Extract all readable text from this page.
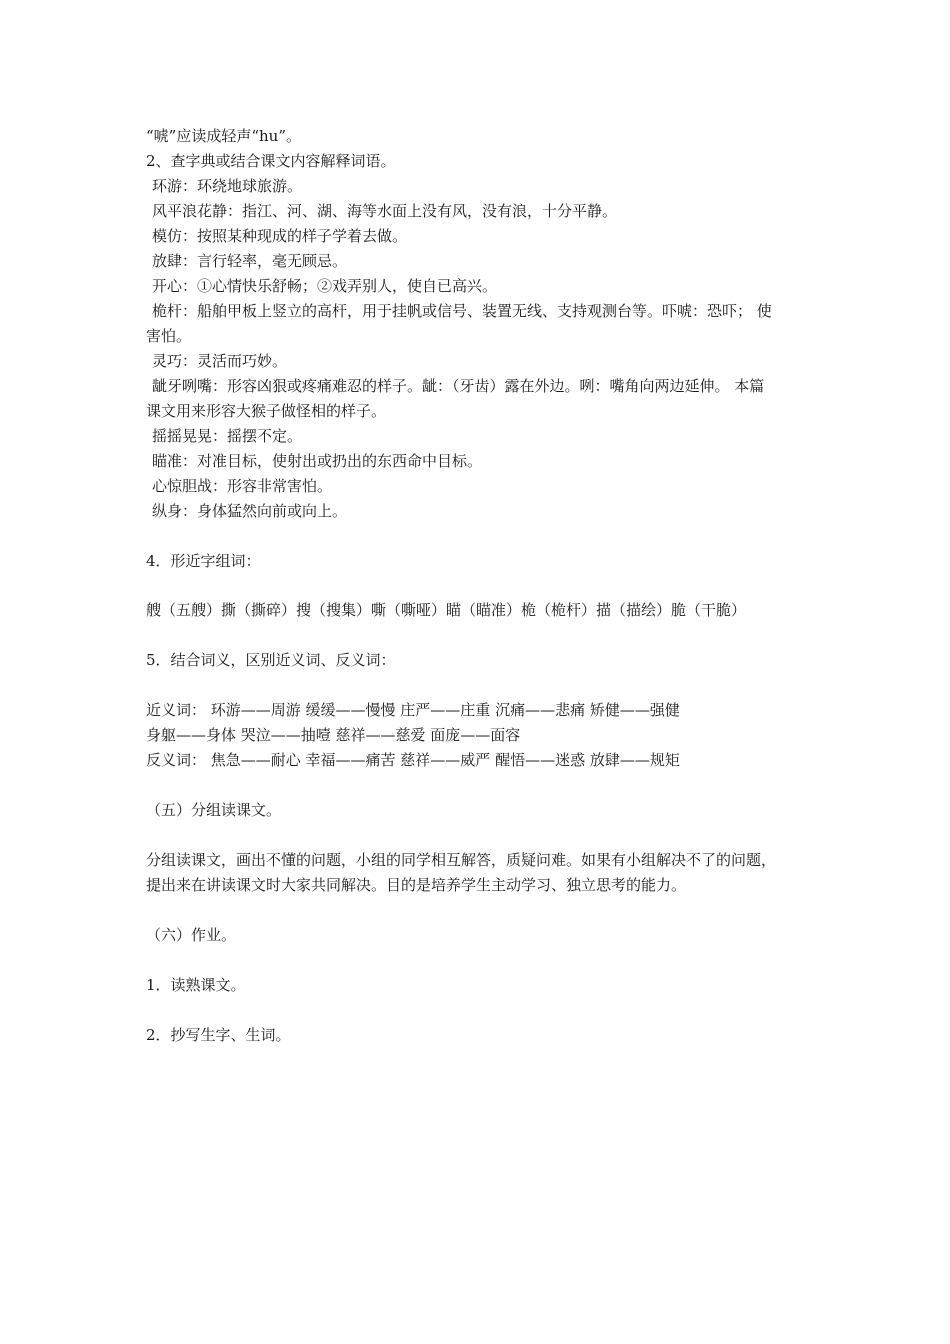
“唬”应读成轻声“hu”。
2、查字典或结合课文内容解释词语。
环游：环绕地球旅游。
风平浪花静：指江、河、湖、海等水面上没有风，没有浪，十分平静。
模仿：按照某种现成的样子学着去做。
放肆：言行轻率，毫无顾忌。
开心：①心情快乐舒畅；②戏弄别人，使自已高兴。
桅杆：船舶甲板上竖立的高杆，用于挂帆或信号、装置无线、支持观测台等。吓唬：恐吓； 使
害怕。
灵巧：灵活而巧妙。
龇牙咧嘴：形容凶狠或疼痛难忍的样子。龇：（牙齿）露在外边。咧：嘴角向两边延伸。 本篇
课文用来形容大猴子做怪相的样子。
摇摇晃晃：摇摆不定。
瞄准：对准目标，使射出或扔出的东西命中目标。
心惊胆战：形容非常害怕。
纵身：身体猛然向前或向上。
4．形近字组词：
艘（五艘）撕（撕碎）搜（搜集）嘶（嘶哑）瞄（瞄准）桅（桅杆）描（描绘）脆（干脆）
5．结合词义，区别近义词、反义词：
近义词： 环游——周游 缓缓——慢慢 庄严——庄重 沉痛——悲痛 矫健——强健
身躯——身体 哭泣——抽噎 慈祥——慈爱 面庞——面容
反义词： 焦急——耐心 幸福——痛苦 慈祥——威严 醒悟——迷惑 放肆——规矩
（五）分组读课文。
分组读课文，画出不懂的问题，小组的同学相互解答，质疑问难。如果有小组解决不了的问题，
提出来在讲读课文时大家共同解决。目的是培养学生主动学习、独立思考的能力。
（六）作业。
1．读熟课文。
2．抄写生字、生词。
